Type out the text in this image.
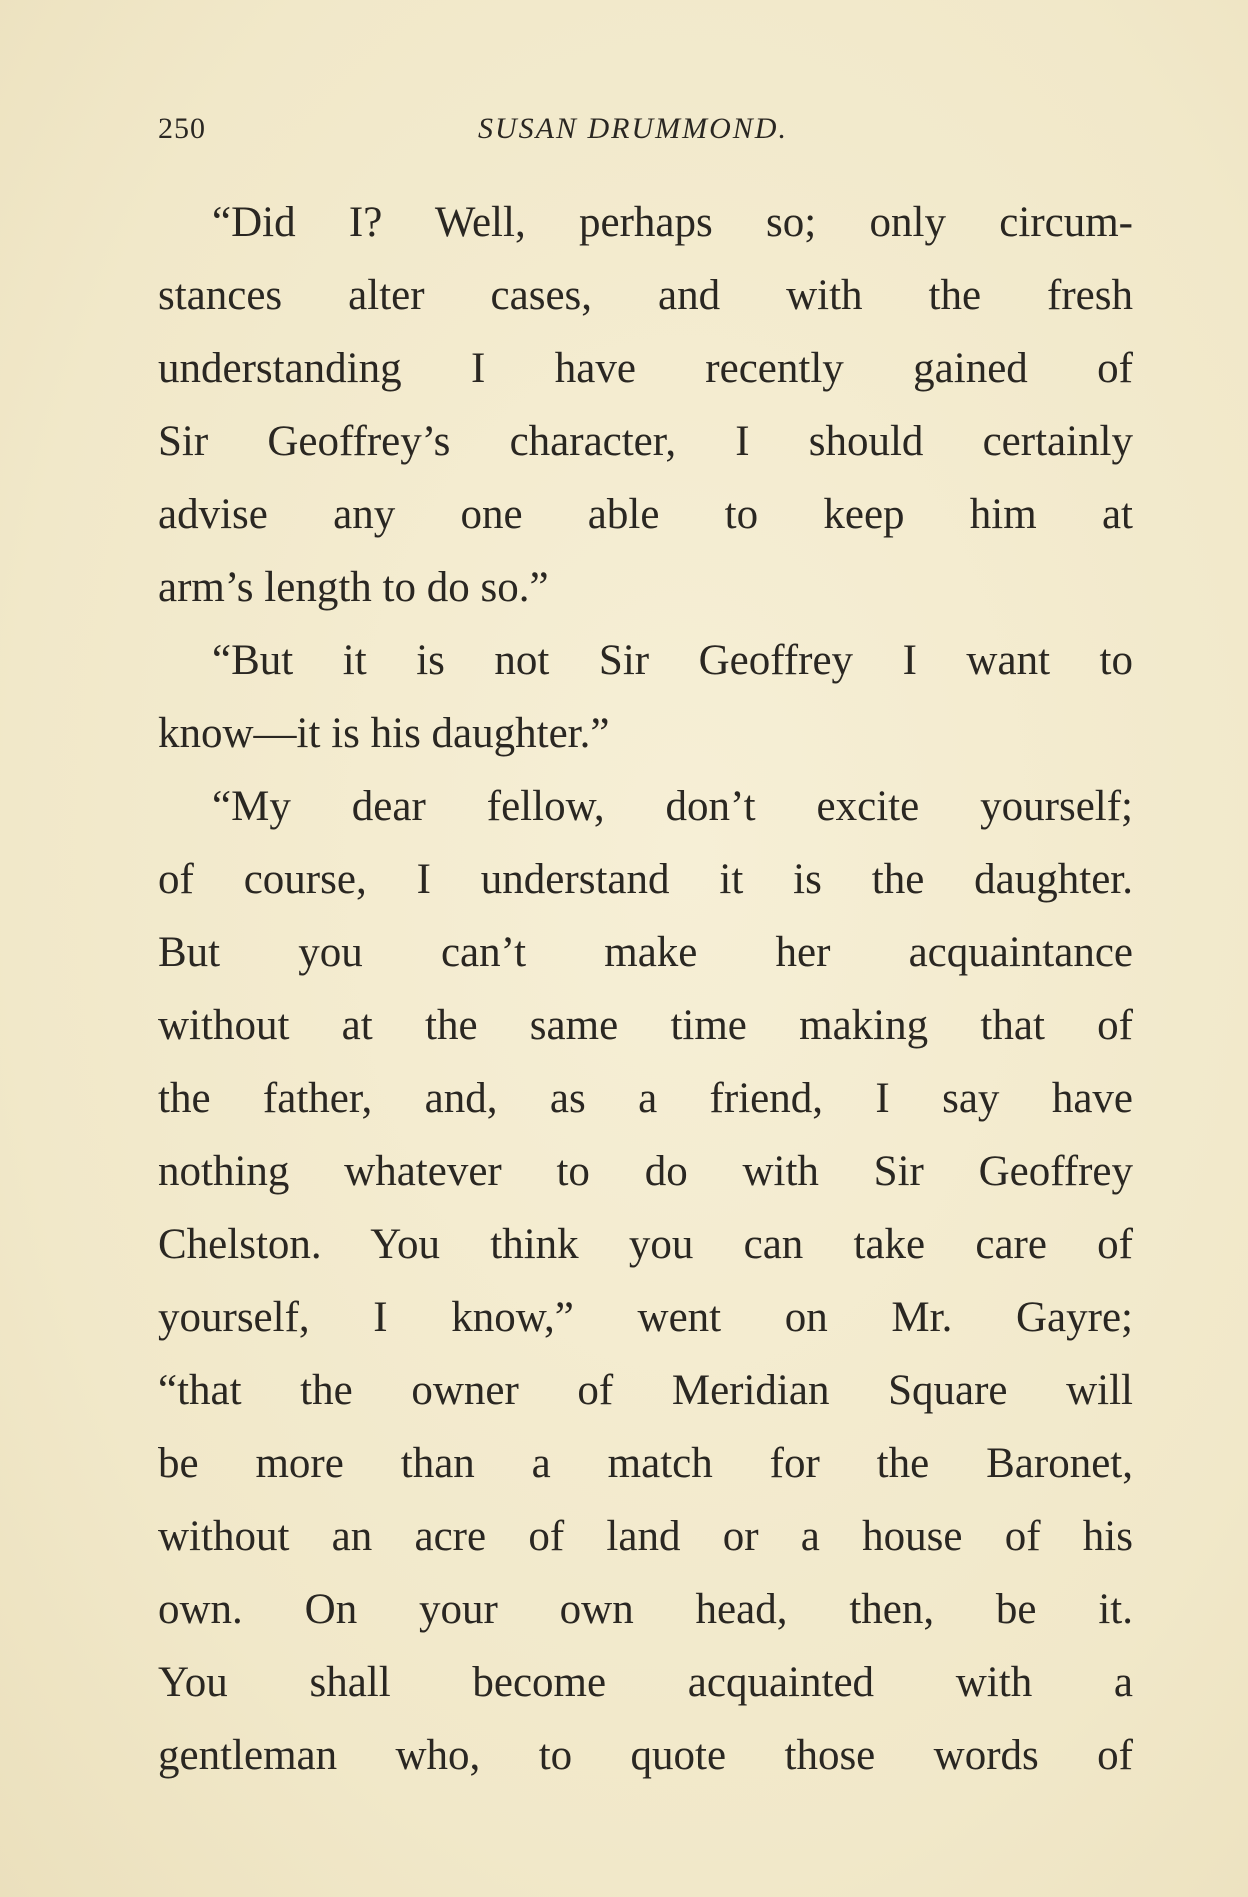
250	SUSAN DRUMMOND.
“Did I? Well, perhaps so; only circum-
stances alter cases, and with the fresh
understanding I have recently gained of
Sir Geoffrey’s character, I should certainly
advise any one able to keep him at
arm’s length to do so.”
“But it is not Sir Geoffrey I want to
know—it is his daughter.”
“My dear fellow, don’t excite yourself;
of course, I understand it is the daughter.
But you can’t make her acquaintance
without at the same time making that of
the father, and, as a friend, I say have
nothing whatever to do with Sir Geoffrey
Chelston. You think you can take care of
yourself, I know,” went on Mr. Gayre;
“that the owner of Meridian Square will
be more than a match for the Baronet,
without an acre of land or a house of his
own. On your own head, then, be it.
You shall become acquainted with a
gentleman who, to quote those words of
